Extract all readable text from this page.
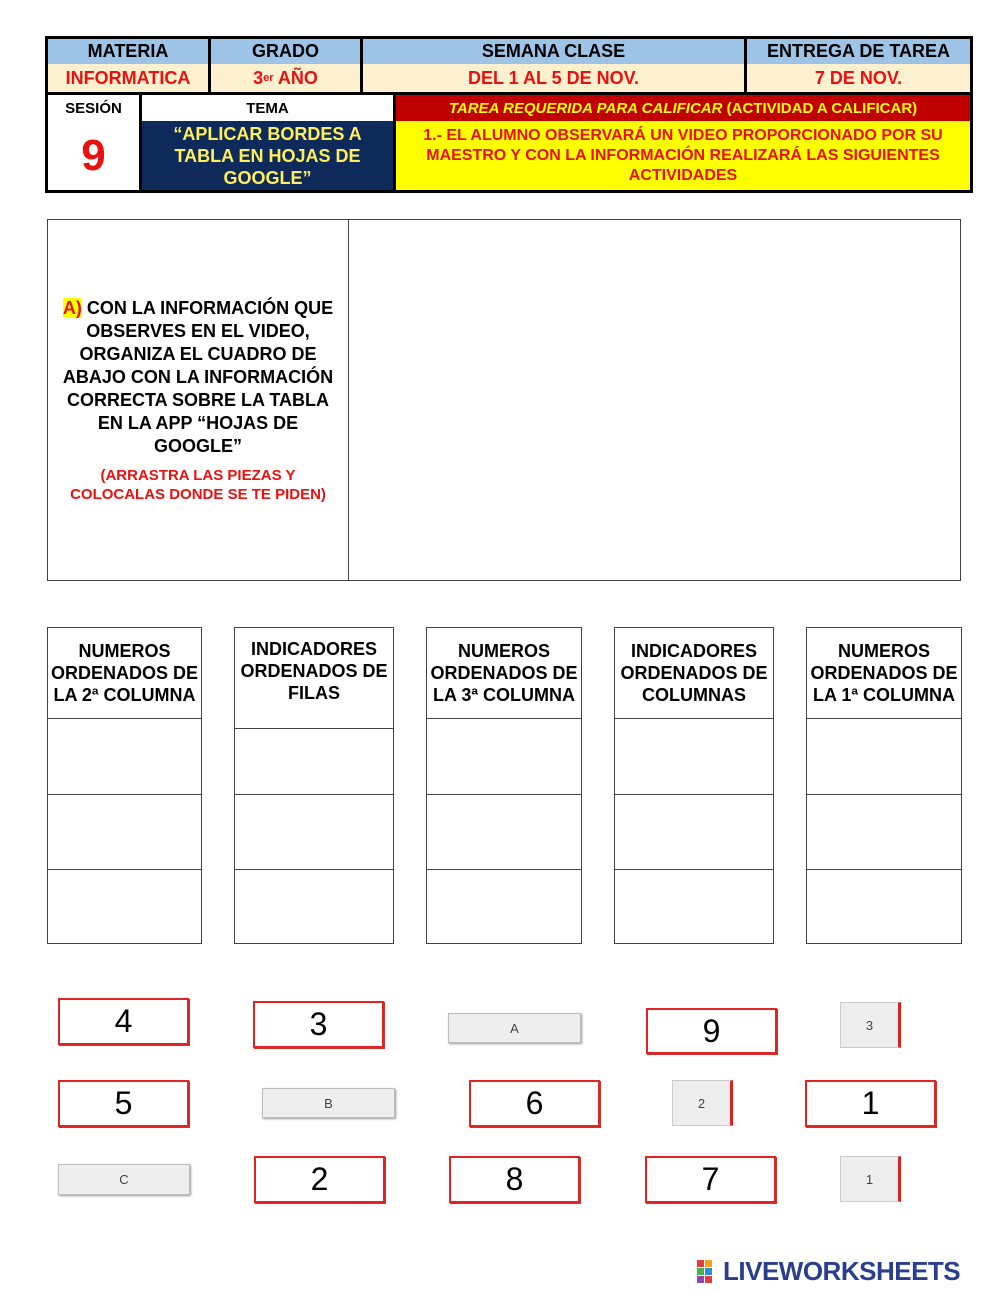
MATERIA	GRADO	SEMANA CLASE	ENTREGA DE TAREA
INFORMATICA	3 er AÑO	DEL 1 AL 5 DE NOV.	7 DE NOV.
SESIÓN
9
TEMA
“APLICAR BORDES A TABLA EN HOJAS DE GOOGLE”
TAREA REQUERIDA PARA CALIFICAR (ACTIVIDAD A CALIFICAR)
1.- EL ALUMNO OBSERVARÁ UN VIDEO PROPORCIONADO POR SU MAESTRO Y CON LA INFORMACIÓN REALIZARÁ LAS SIGUIENTES ACTIVIDADES
A) CON LA INFORMACIÓN QUE OBSERVES EN EL VIDEO, ORGANIZA EL CUADRO DE ABAJO CON LA INFORMACIÓN CORRECTA SOBRE LA TABLA EN LA APP “HOJAS DE GOOGLE”
(ARRASTRA LAS PIEZAS Y COLOCALAS DONDE SE TE PIDEN)
NUMEROS ORDENADOS DE LA 2ª COLUMNA
INDICADORES ORDENADOS DE FILAS
NUMEROS ORDENADOS DE LA 3ª COLUMNA
INDICADORES ORDENADOS DE COLUMNAS
NUMEROS ORDENADOS DE LA 1ª COLUMNA
4	3	A	9	3
5	B	6	2	1
C	2	8	7	1
LIVEWORKSHEETS
